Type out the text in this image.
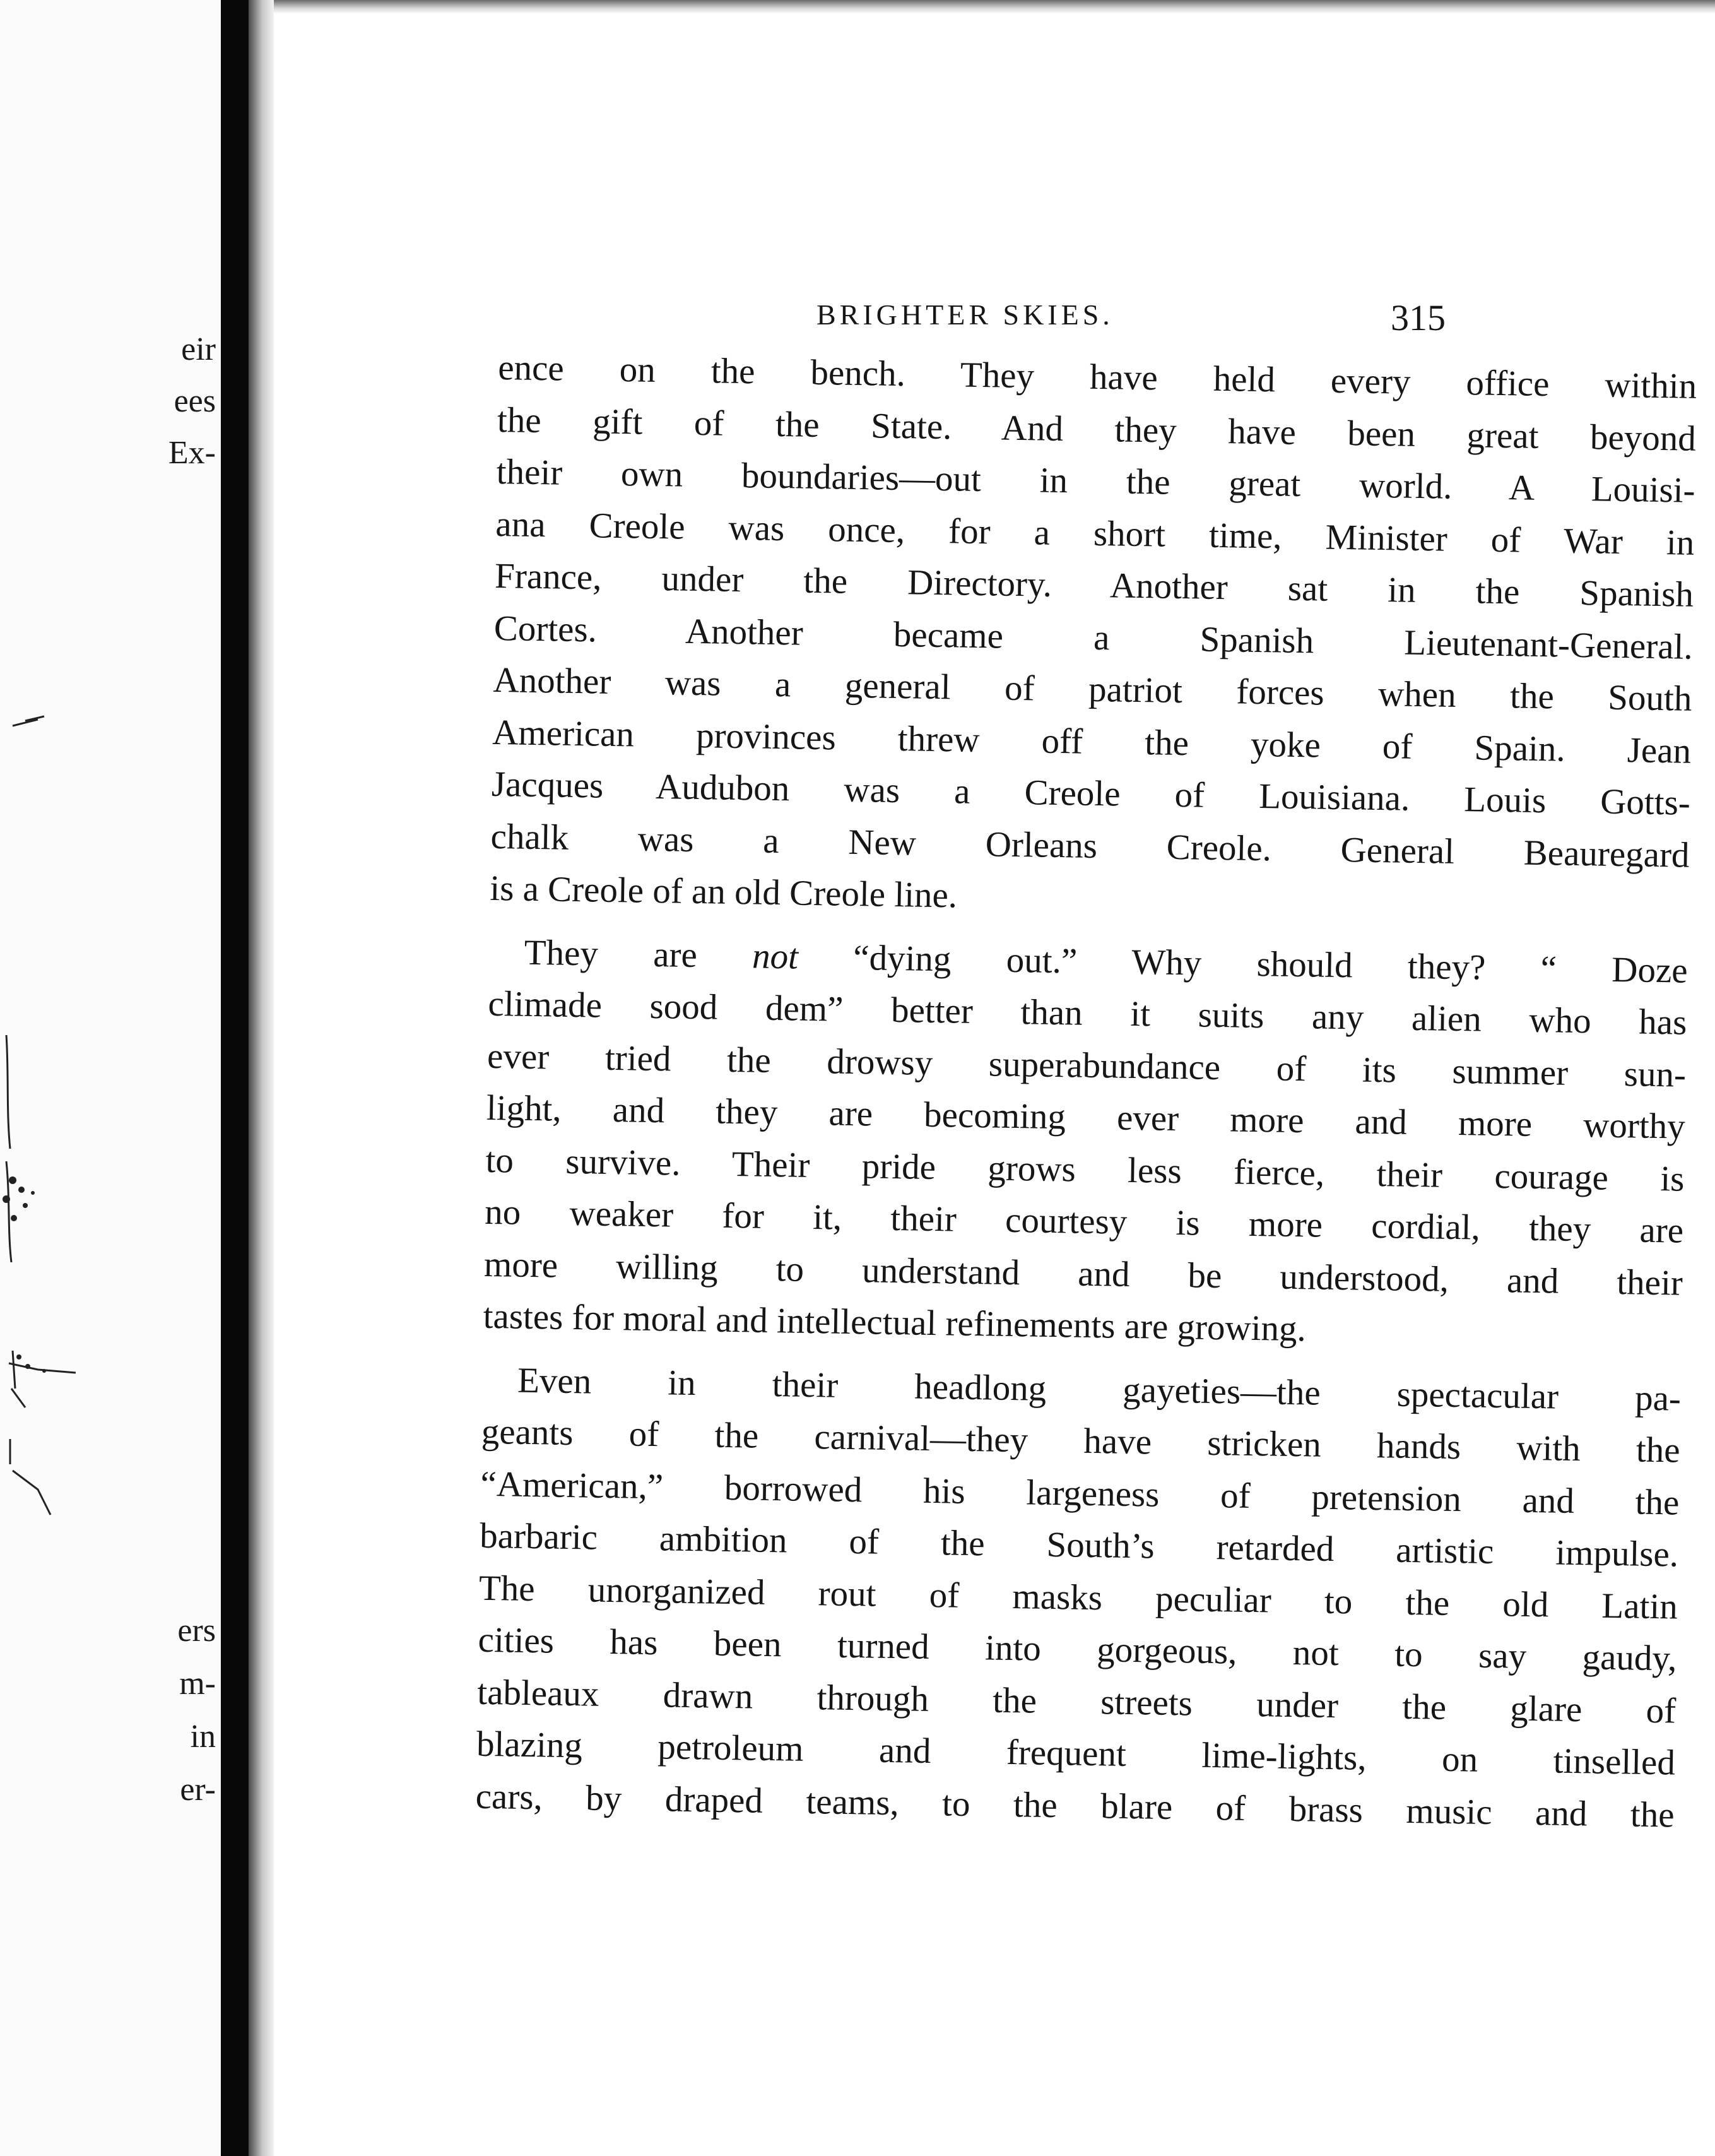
eir
ees
Ex-
ers
m-
in
er-
BRIGHTER SKIES.	315

ence on the bench. They have held every office within
the gift of the State. And they have been great beyond
their own boundaries—out in the great world. A Louisi-
ana Creole was once, for a short time, Minister of War in
France, under the Directory. Another sat in the Spanish
Cortes. Another became a Spanish Lieutenant-General.
Another was a general of patriot forces when the South
American provinces threw off the yoke of Spain. Jean
Jacques Audubon was a Creole of Louisiana. Louis Gotts-
chalk was a New Orleans Creole. General Beauregard
is a Creole of an old Creole line.

They are not “dying out.” Why should they? “ Doze
climade sood dem” better than it suits any alien who has
ever tried the drowsy superabundance of its summer sun-
light, and they are becoming ever more and more worthy
to survive. Their pride grows less fierce, their courage is
no weaker for it, their courtesy is more cordial, they are
more willing to understand and be understood, and their
tastes for moral and intellectual refinements are growing.

Even in their headlong gayeties—the spectacular pa-
geants of the carnival—they have stricken hands with the
“American,” borrowed his largeness of pretension and the
barbaric ambition of the South’s retarded artistic impulse.
The unorganized rout of masks peculiar to the old Latin
cities has been turned into gorgeous, not to say gaudy,
tableaux drawn through the streets under the glare of
blazing petroleum and frequent lime-lights, on tinselled
cars, by draped teams, to the blare of brass music and the
